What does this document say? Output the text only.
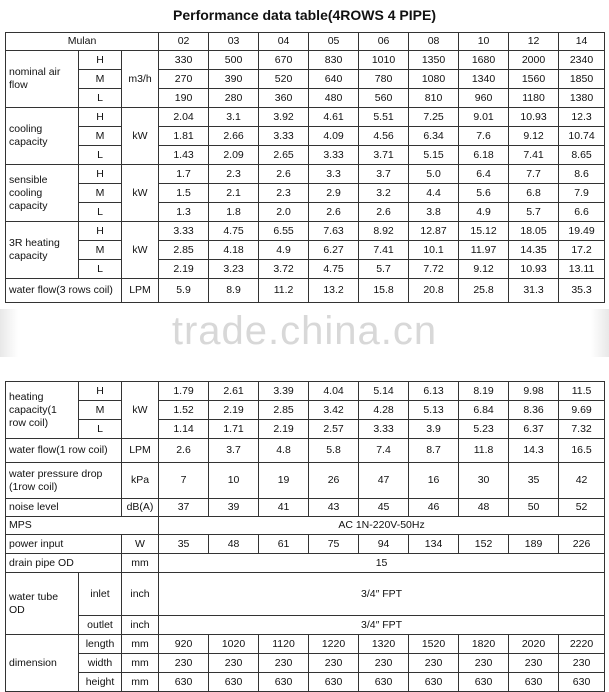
Performance data table(4ROWS 4 PIPE)
Mulan			02	03	04	05	06	08	10	12	14
nominal air flow	H	m3/h	330	500	670	830	1010	1350	1680	2000	2340
	M		270	390	520	640	780	1080	1340	1560	1850
	L		190	280	360	480	560	810	960	1180	1380
cooling capacity	H	kW	2.04	3.1	3.92	4.61	5.51	7.25	9.01	10.93	12.3
	M		1.81	2.66	3.33	4.09	4.56	6.34	7.6	9.12	10.74
	L		1.43	2.09	2.65	3.33	3.71	5.15	6.18	7.41	8.65
sensible cooling capacity	H	kW	1.7	2.3	2.6	3.3	3.7	5.0	6.4	7.7	8.6
	M		1.5	2.1	2.3	2.9	3.2	4.4	5.6	6.8	7.9
	L		1.3	1.8	2.0	2.6	2.6	3.8	4.9	5.7	6.6
3R heating capacity	H	kW	3.33	4.75	6.55	7.63	8.92	12.87	15.12	18.05	19.49
	M		2.85	4.18	4.9	6.27	7.41	10.1	11.97	14.35	17.2
	L		2.19	3.23	3.72	4.75	5.7	7.72	9.12	10.93	13.11
water flow(3 rows coil)		LPM	5.9	8.9	11.2	13.2	15.8	20.8	25.8	31.3	35.3

heating capacity(1 row coil)	H	kW	1.79	2.61	3.39	4.04	5.14	6.13	8.19	9.98	11.5
	M		1.52	2.19	2.85	3.42	4.28	5.13	6.84	8.36	9.69
	L		1.14	1.71	2.19	2.57	3.33	3.9	5.23	6.37	7.32
water flow(1 row coil)		LPM	2.6	3.7	4.8	5.8	7.4	8.7	11.8	14.3	16.5
water pressure drop (1row coil)		kPa	7	10	19	26	47	16	30	35	42
noise level		dB(A)	37	39	41	43	45	46	48	50	52
MPS			AC 1N-220V-50Hz								
power input		W	35	48	61	75	94	134	152	189	226
drain pipe OD		mm	15								
water tube OD	inlet	inch	3/4″ FPT								
	outlet	inch	3/4″ FPT								
dimension	length	mm	920	1020	1120	1220	1320	1520	1820	2020	2220
	width	mm	230	230	230	230	230	230	230	230	230
	height	mm	630	630	630	630	630	630	630	630	630
trade.china.cn
